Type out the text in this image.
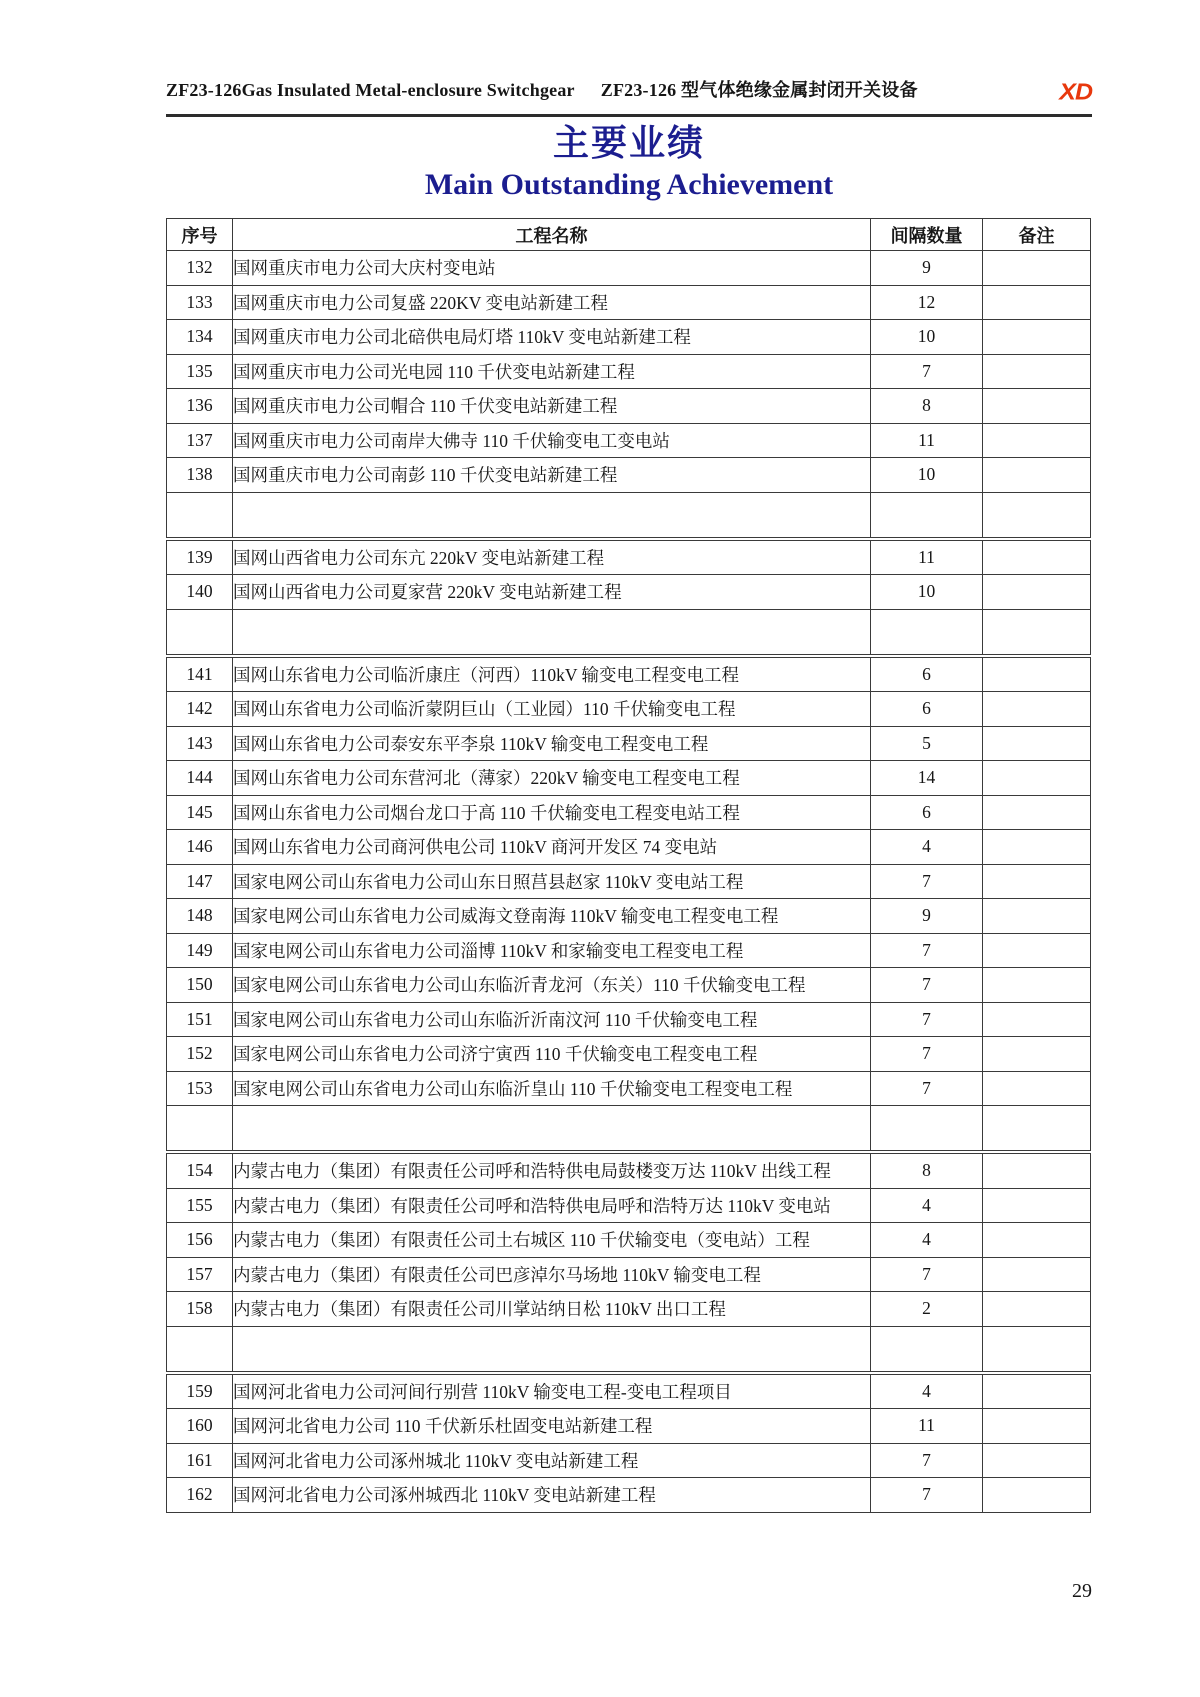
ZF23-126Gas Insulated Metal-enclosure Switchgear ZF23-126 型气体绝缘金属封闭开关设备	XD
主要业绩
Main Outstanding Achievement
序号	工程名称	间隔数量	备注
132	国网重庆市电力公司大庆村变电站	9	
133	国网重庆市电力公司复盛 220KV 变电站新建工程	12	
134	国网重庆市电力公司北碚供电局灯塔 110kV 变电站新建工程	10	
135	国网重庆市电力公司光电园 110 千伏变电站新建工程	7	
136	国网重庆市电力公司帽合 110 千伏变电站新建工程	8	
137	国网重庆市电力公司南岸大佛寺 110 千伏输变电工变电站	11	
138	国网重庆市电力公司南彭 110 千伏变电站新建工程	10	

139	国网山西省电力公司东亢 220kV 变电站新建工程	11	
140	国网山西省电力公司夏家营 220kV 变电站新建工程	10	

141	国网山东省电力公司临沂康庄（河西）110kV 输变电工程变电工程	6	
142	国网山东省电力公司临沂蒙阴巨山（工业园）110 千伏输变电工程	6	
143	国网山东省电力公司泰安东平李泉 110kV 输变电工程变电工程	5	
144	国网山东省电力公司东营河北（薄家）220kV 输变电工程变电工程	14	
145	国网山东省电力公司烟台龙口于高 110 千伏输变电工程变电站工程	6	
146	国网山东省电力公司商河供电公司 110kV 商河开发区 74 变电站	4	
147	国家电网公司山东省电力公司山东日照莒县赵家 110kV 变电站工程	7	
148	国家电网公司山东省电力公司威海文登南海 110kV 输变电工程变电工程	9	
149	国家电网公司山东省电力公司淄博 110kV 和家输变电工程变电工程	7	
150	国家电网公司山东省电力公司山东临沂青龙河（东关）110 千伏输变电工程	7	
151	国家电网公司山东省电力公司山东临沂沂南汶河 110 千伏输变电工程	7	
152	国家电网公司山东省电力公司济宁寅西 110 千伏输变电工程变电工程	7	
153	国家电网公司山东省电力公司山东临沂皇山 110 千伏输变电工程变电工程	7	

154	内蒙古电力（集团）有限责任公司呼和浩特供电局鼓楼变万达 110kV 出线工程	8	
155	内蒙古电力（集团）有限责任公司呼和浩特供电局呼和浩特万达 110kV 变电站	4	
156	内蒙古电力（集团）有限责任公司土右城区 110 千伏输变电（变电站）工程	4	
157	内蒙古电力（集团）有限责任公司巴彦淖尔马场地 110kV 输变电工程	7	
158	内蒙古电力（集团）有限责任公司川掌站纳日松 110kV 出口工程	2	

159	国网河北省电力公司河间行别营 110kV 输变电工程-变电工程项目	4	
160	国网河北省电力公司 110 千伏新乐杜固变电站新建工程	11	
161	国网河北省电力公司涿州城北 110kV 变电站新建工程	7	
162	国网河北省电力公司涿州城西北 110kV 变电站新建工程	7	
29
